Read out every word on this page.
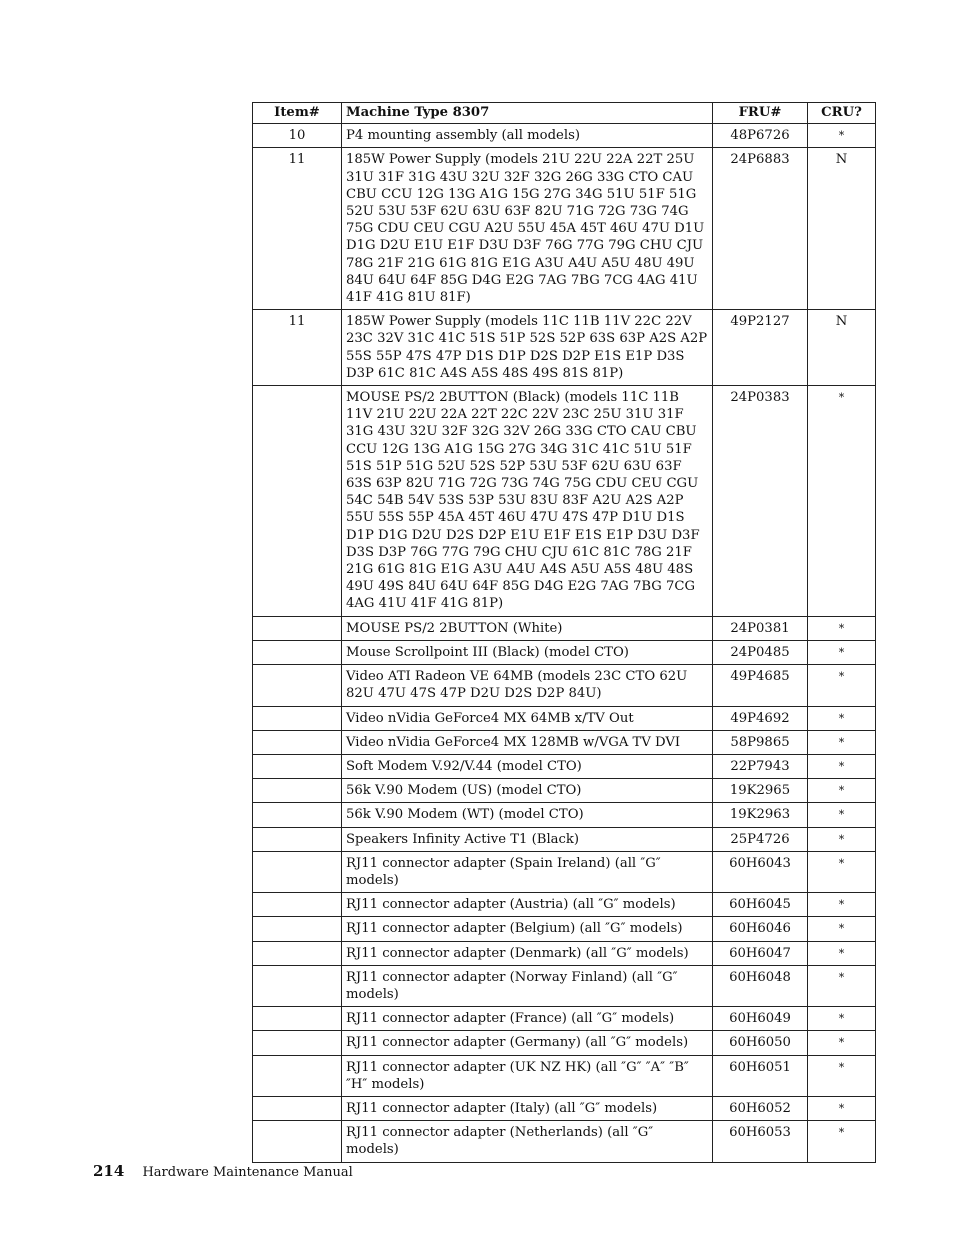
Item#	Machine Type 8307	FRU#	CRU?
10	P4 mounting assembly (all models)	48P6726	*
11	185W Power Supply (models 21U 22U 22A 22T 25U 31U 31F 31G 43U 32U 32F 32G 26G 33G CTO CAU CBU CCU 12G 13G A1G 15G 27G 34G 51U 51F 51G 52U 53U 53F 62U 63U 63F 82U 71G 72G 73G 74G 75G CDU CEU CGU A2U 55U 45A 45T 46U 47U D1U D1G D2U E1U E1F D3U D3F 76G 77G 79G CHU CJU 78G 21F 21G 61G 81G E1G A3U A4U A5U 48U 49U 84U 64U 64F 85G D4G E2G 7AG 7BG 7CG 4AG 41U 41F 41G 81U 81F)	24P6883	N
11	185W Power Supply (models 11C 11B 11V 22C 22V 23C 32V 31C 41C 51S 51P 52S 52P 63S 63P A2S A2P 55S 55P 47S 47P D1S D1P D2S D2P E1S E1P D3S D3P 61C 81C A4S A5S 48S 49S 81S 81P)	49P2127	N
	MOUSE PS/2 2BUTTON (Black) (models 11C 11B 11V 21U 22U 22A 22T 22C 22V 23C 25U 31U 31F 31G 43U 32U 32F 32G 32V 26G 33G CTO CAU CBU CCU 12G 13G A1G 15G 27G 34G 31C 41C 51U 51F 51S 51P 51G 52U 52S 52P 53U 53F 62U 63U 63F 63S 63P 82U 71G 72G 73G 74G 75G CDU CEU CGU 54C 54B 54V 53S 53P 53U 83U 83F A2U A2S A2P 55U 55S 55P 45A 45T 46U 47U 47S 47P D1U D1S D1P D1G D2U D2S D2P E1U E1F E1S E1P D3U D3F D3S D3P 76G 77G 79G CHU CJU 61C 81C 78G 21F 21G 61G 81G E1G A3U A4U A4S A5U A5S 48U 48S 49U 49S 84U 64U 64F 85G D4G E2G 7AG 7BG 7CG 4AG 41U 41F 41G 81P)	24P0383	*
	MOUSE PS/2 2BUTTON (White)	24P0381	*
	Mouse Scrollpoint III (Black) (model CTO)	24P0485	*
	Video ATI Radeon VE 64MB (models 23C CTO 62U 82U 47U 47S 47P D2U D2S D2P 84U)	49P4685	*
	Video nVidia GeForce4 MX 64MB x/TV Out	49P4692	*
	Video nVidia GeForce4 MX 128MB w/VGA TV DVI	58P9865	*
	Soft Modem V.92/V.44 (model CTO)	22P7943	*
	56k V.90 Modem (US) (model CTO)	19K2965	*
	56k V.90 Modem (WT) (model CTO)	19K2963	*
	Speakers Infinity Active T1 (Black)	25P4726	*
	RJ11 connector adapter (Spain Ireland) (all ″G″ models)	60H6043	*
	RJ11 connector adapter (Austria) (all ″G″ models)	60H6045	*
	RJ11 connector adapter (Belgium) (all ″G″ models)	60H6046	*
	RJ11 connector adapter (Denmark) (all ″G″ models)	60H6047	*
	RJ11 connector adapter (Norway Finland) (all ″G″ models)	60H6048	*
	RJ11 connector adapter (France) (all ″G″ models)	60H6049	*
	RJ11 connector adapter (Germany) (all ″G″ models)	60H6050	*
	RJ11 connector adapter (UK NZ HK) (all ″G″ ″A″ ″B″ ″H″ models)	60H6051	*
	RJ11 connector adapter (Italy) (all ″G″ models)	60H6052	*
	RJ11 connector adapter (Netherlands) (all ″G″ models)	60H6053	*
214 Hardware Maintenance Manual
